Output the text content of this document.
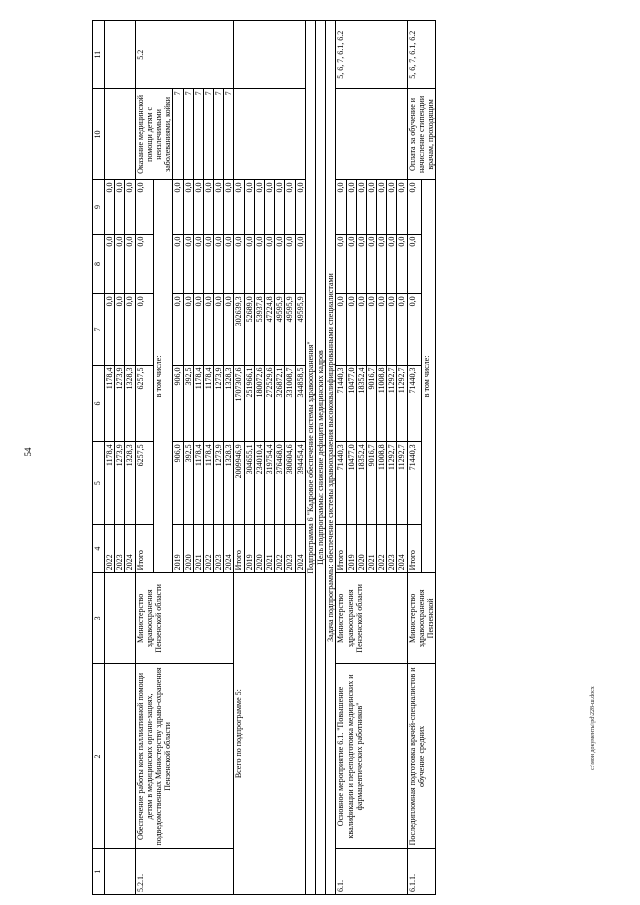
54
1	2	3	4	5	6	7	8	9	10	11
			2022	1178,4	1178,4	0,0	0,0	0,0		
			2023	1273,9	1273,9	0,0	0,0	0,0		
			2024	1328,3	1328,3	0,0	0,0	0,0		
5.2.1.	Обеспечение работы коек паллиативной помощи детям в медицинских органи-зациях, подведомственных Министерству здраво-охранения Пензенской области	Министерство здравоохранения Пензенской области	Итого	6257,5	6257,5	0,0	0,0	0,0	Оказание медицинской помощи детям с неизлечимыми заболеваниями, койки	5.2
			в том числе:							
			2019	906,0	906,0	0,0	0,0	0,0	7	
			2020	392,5	392,5	0,0	0,0	0,0	7	
			2021	1178,4	1178,4	0,0	0,0	0,0	7	
			2022	1178,4	1178,4	0,0	0,0	0,0	7	
			2023	1273,9	1273,9	0,0	0,0	0,0	7	
			2024	1328,3	1328,3	0,0	0,0	0,0	7	
Всего по подпрограмме 5:			Итого	2009946,9	1707307,6	302639,3	0,0	0,0		
			2019	304655,1	251966,1	52689,0	0,0	0,0		
			2020	234010,4	180072,6	53937,8	0,0	0,0		
			2021	319754,4	272529,6	47224,8	0,0	0,0		
			2022	376468,0	326872,1	49595,9	0,0	0,0		
			2023	380604,6	331008,7	49595,9	0,0	0,0		
			2024	394454,4	344858,5	49595,9	0,0	0,0		
Подпрограмма 6 "Кадровое обеспечение системы здравоохранения"										
Цель подпрограммы: снижение дефицита медицинских кадров										
Задача подпрограммы: обеспечение системы здравоохранения высококвалифицированными специалистами										
6.1.	Основное мероприятие 6.1. "Повышение квалификации и переподготовка медицинских и фармацевтических работников"	Министерство здравоохранения Пензенской области	Итого	71440,3	71440,3	0,0	0,0	0,0		5, 6, 7, 6.1, 6.2
			2019	10477,0	10477,0	0,0	0,0	0,0		
			2020	18352,4	18352,4	0,0	0,0	0,0		
			2021	9016,7	9016,7	0,0	0,0	0,0		
			2022	11008,8	11008,8	0,0	0,0	0,0		
			2023	11292,7	11292,7	0,0	0,0	0,0		
			2024	11292,7	11292,7	0,0	0,0	0,0		
6.1.1.	Последипломная подготовка врачей-специалистов и обучение средних	Министерство здравоохранения Пензенской	Итого	71440,3	71440,3	0,0	0,0	0,0	Оплата за обучение и начисление стипендии врачам, проходящим	5, 6, 7, 6.1, 6.2
			в том числе:							
c:\мои документы\pd\228-ш.docx
